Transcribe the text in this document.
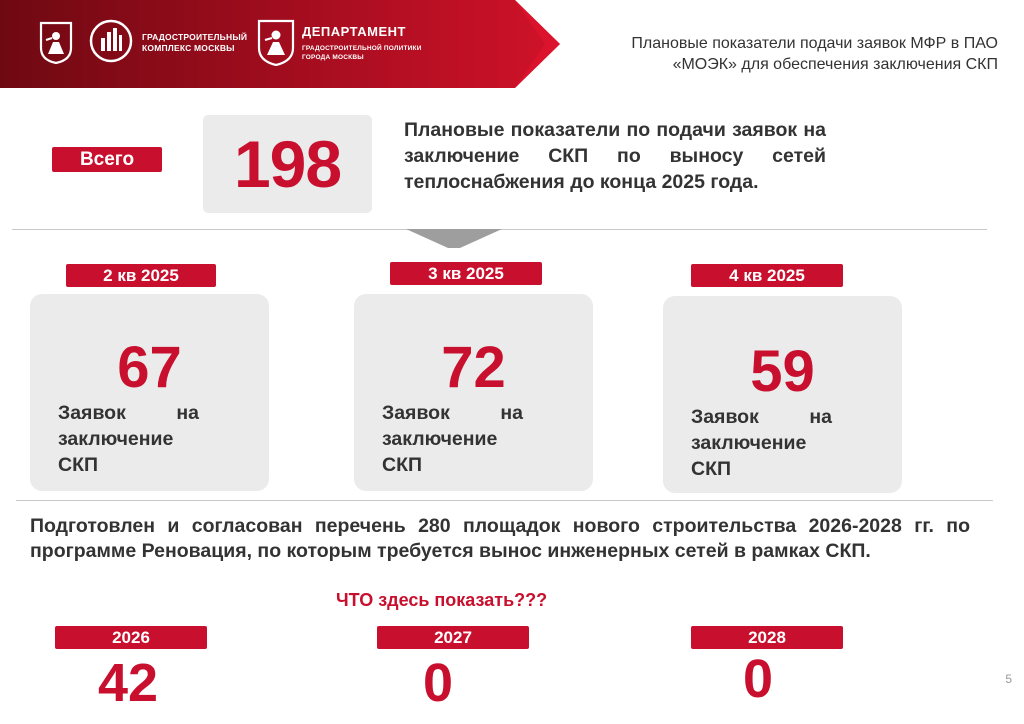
ГРАДОСТРОИТЕЛЬНЫЙ
КОМПЛЕКС МОСКВЫ
ДЕПАРТАМЕНТ
ГРАДОСТРОИТЕЛЬНОЙ ПОЛИТИКИ
ГОРОДА МОСКВЫ
Плановые показатели подачи заявок МФР в ПАО
«МОЭК» для обеспечения заключения СКП
Всего	198	Плановые показатели по подачи заявок на заключение СКП по выносу сетей теплоснабжения до конца 2025 года.
2 кв 2025
67
Заявок на заключение СКП
3 кв 2025
72
Заявок на заключение СКП
4 кв 2025
59
Заявок на заключение СКП
Подготовлен и согласован перечень 280 площадок нового строительства 2026-2028 гг. по программе Реновация, по которым требуется вынос инженерных сетей в рамках СКП.
ЧТО здесь показать???
2026
42
2027
0
2028
0	5
